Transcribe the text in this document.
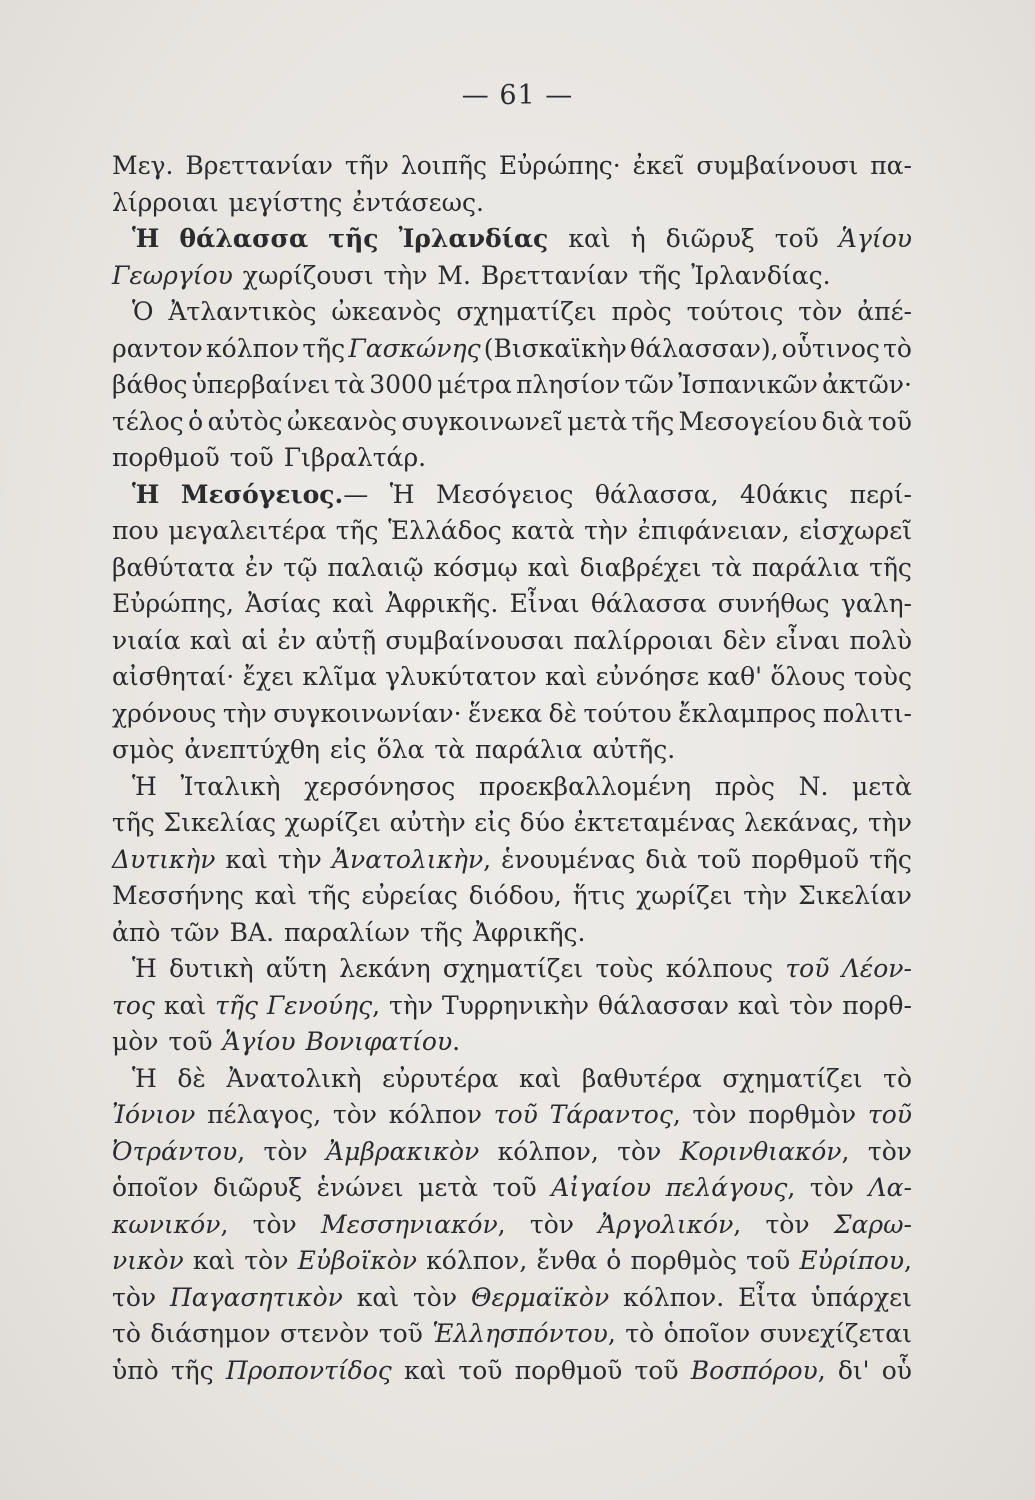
— 61 —
Μεγ. Βρεττανίαν τῆν λοιπῆς Εὐρώπης· ἐκεῖ συμβαίνουσι πα-
λίρροιαι μεγίστης ἐντάσεως.
Ἡ θάλασσα τῆς Ἰρλανδίας καὶ ἡ διῶρυξ τοῦ Ἁγίου
Γεωργίου χωρίζουσι τὴν Μ. Βρεττανίαν τῆς Ἰρλανδίας.
Ὁ Ἀτλαντικὸς ὠκεανὸς σχηματίζει πρὸς τούτοις τὸν ἀπέ-
ραντον κόλπον τῆς Γασκώνης (Βισκαϊκὴν θάλασσαν), οὗτινος τὸ
βάθος ὑπερβαίνει τὰ 3000 μέτρα πλησίον τῶν Ἰσπανικῶν ἀκτῶν·
τέλος ὁ αὐτὸς ὠκεανὸς συγκοινωνεῖ μετὰ τῆς Μεσογείου διὰ τοῦ
πορθμοῦ τοῦ Γιβραλτάρ.
Ἡ Μεσόγειος.— Ἡ Μεσόγειος θάλασσα, 40άκις περί-
που μεγαλειτέρα τῆς Ἑλλάδος κατὰ τὴν ἐπιφάνειαν, εἰσχωρεῖ
βαθύτατα ἐν τῷ παλαιῷ κόσμῳ καὶ διαβρέχει τὰ παράλια τῆς
Εὐρώπης, Ἀσίας καὶ Ἀφρικῆς. Εἶναι θάλασσα συνήθως γαλη-
νιαία καὶ αἱ ἐν αὐτῇ συμβαίνουσαι παλίρροιαι δὲν εἶναι πολὺ
αἰσθηταί· ἔχει κλῖμα γλυκύτατον καὶ εὐνόησε καθ' ὅλους τοὺς
χρόνους τὴν συγκοινωνίαν· ἕνεκα δὲ τούτου ἔκλαμπρος πολιτι-
σμὸς ἀνεπτύχθη εἰς ὅλα τὰ παράλια αὐτῆς.
Ἡ Ἰταλικὴ χερσόνησος προεκβαλλομένη πρὸς Ν. μετὰ
τῆς Σικελίας χωρίζει αὐτὴν εἰς δύο ἐκτεταμένας λεκάνας, τὴν
Δυτικὴν καὶ τὴν Ἀνατολικὴν, ἑνουμένας διὰ τοῦ πορθμοῦ τῆς
Μεσσήνης καὶ τῆς εὐρείας διόδου, ἥτις χωρίζει τὴν Σικελίαν
ἀπὸ τῶν ΒΑ. παραλίων τῆς Ἀφρικῆς.
Ἡ δυτικὴ αὕτη λεκάνη σχηματίζει τοὺς κόλπους τοῦ Λέον-
τος καὶ τῆς Γενούης, τὴν Τυρρηνικὴν θάλασσαν καὶ τὸν πορθ-
μὸν τοῦ Ἁγίου Βονιφατίου .
Ἡ δὲ Ἀνατολικὴ εὐρυτέρα καὶ βαθυτέρα σχηματίζει τὸ
Ἰόνιον πέλαγος, τὸν κόλπον τοῦ Τάραντος, τὸν πορθμὸν τοῦ
Ὀτράντου, τὸν Ἀμβρακικὸν κόλπον, τὸν Κορινθιακόν, τὸν
ὁποῖον διῶρυξ ἑνώνει μετὰ τοῦ Αἰγαίου πελάγους, τὸν Λα-
κωνικόν, τὸν Μεσσηνιακόν, τὸν Ἀργολικόν, τὸν Σαρω-
νικὸν καὶ τὸν Εὐβοϊκὸν κόλπον, ἔνθα ὁ πορθμὸς τοῦ Εὐρίπου,
τὸν Παγασητικὸν καὶ τὸν Θερμαϊκὸν κόλπον. Εἶτα ὑπάρχει
τὸ διάσημον στενὸν τοῦ Ἑλλησπόντου, τὸ ὁποῖον συνεχίζεται
ὑπὸ τῆς Προποντίδος καὶ τοῦ πορθμοῦ τοῦ Βοσπόρου, δι' οὗ
